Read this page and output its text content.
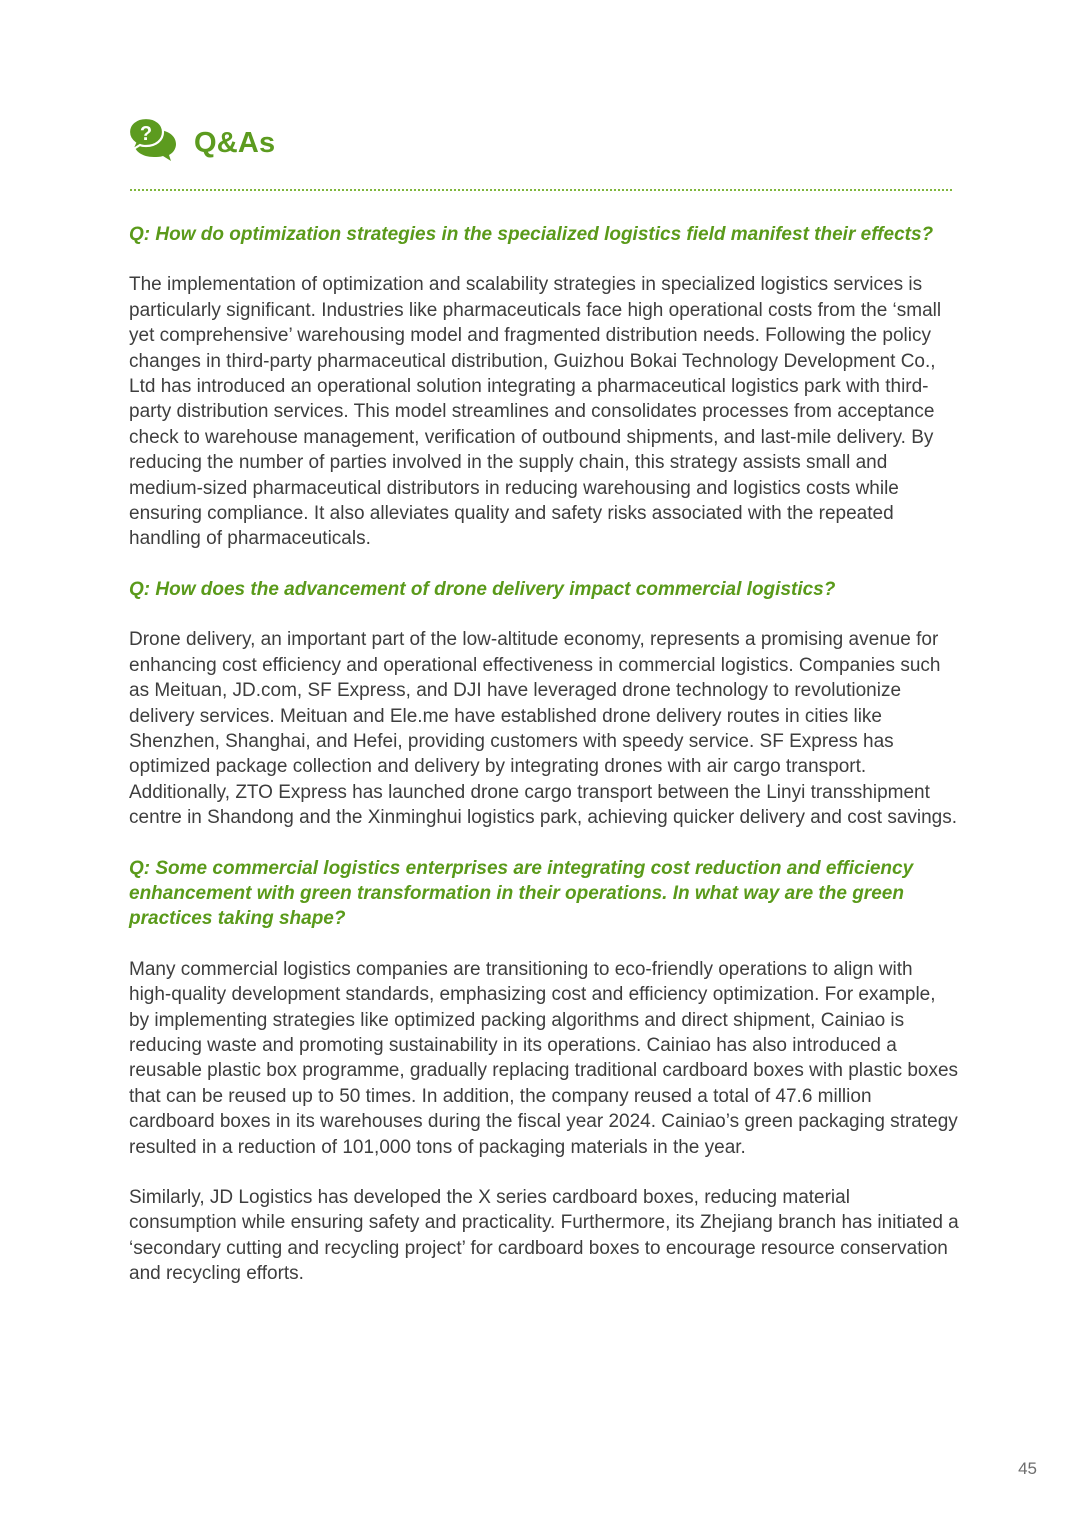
? Q&As

Q: How do optimization strategies in the specialized logistics field manifest their effects?

The implementation of optimization and scalability strategies in specialized logistics services is particularly significant. Industries like pharmaceuticals face high operational costs from the ‘small yet comprehensive’ warehousing model and fragmented distribution needs. Following the policy changes in third-party pharmaceutical distribution, Guizhou Bokai Technology Development Co., Ltd has introduced an operational solution integrating a pharmaceutical logistics park with third-party distribution services. This model streamlines and consolidates processes from acceptance check to warehouse management, verification of outbound shipments, and last-mile delivery. By reducing the number of parties involved in the supply chain, this strategy assists small and medium-sized pharmaceutical distributors in reducing warehousing and logistics costs while ensuring compliance. It also alleviates quality and safety risks associated with the repeated handling of pharmaceuticals.

Q: How does the advancement of drone delivery impact commercial logistics?

Drone delivery, an important part of the low-altitude economy, represents a promising avenue for enhancing cost efficiency and operational effectiveness in commercial logistics. Companies such as Meituan, JD.com, SF Express, and DJI have leveraged drone technology to revolutionize delivery services. Meituan and Ele.me have established drone delivery routes in cities like Shenzhen, Shanghai, and Hefei, providing customers with speedy service. SF Express has optimized package collection and delivery by integrating drones with air cargo transport. Additionally, ZTO Express has launched drone cargo transport between the Linyi transshipment centre in Shandong and the Xinminghui logistics park, achieving quicker delivery and cost savings.

Q: Some commercial logistics enterprises are integrating cost reduction and efficiency enhancement with green transformation in their operations. In what way are the green practices taking shape?

Many commercial logistics companies are transitioning to eco-friendly operations to align with high-quality development standards, emphasizing cost and efficiency optimization. For example, by implementing strategies like optimized packing algorithms and direct shipment, Cainiao is reducing waste and promoting sustainability in its operations. Cainiao has also introduced a reusable plastic box programme, gradually replacing traditional cardboard boxes with plastic boxes that can be reused up to 50 times. In addition, the company reused a total of 47.6 million cardboard boxes in its warehouses during the fiscal year 2024. Cainiao’s green packaging strategy resulted in a reduction of 101,000 tons of packaging materials in the year.

Similarly, JD Logistics has developed the X series cardboard boxes, reducing material consumption while ensuring safety and practicality. Furthermore, its Zhejiang branch has initiated a ‘secondary cutting and recycling project’ for cardboard boxes to encourage resource conservation and recycling efforts.

45
